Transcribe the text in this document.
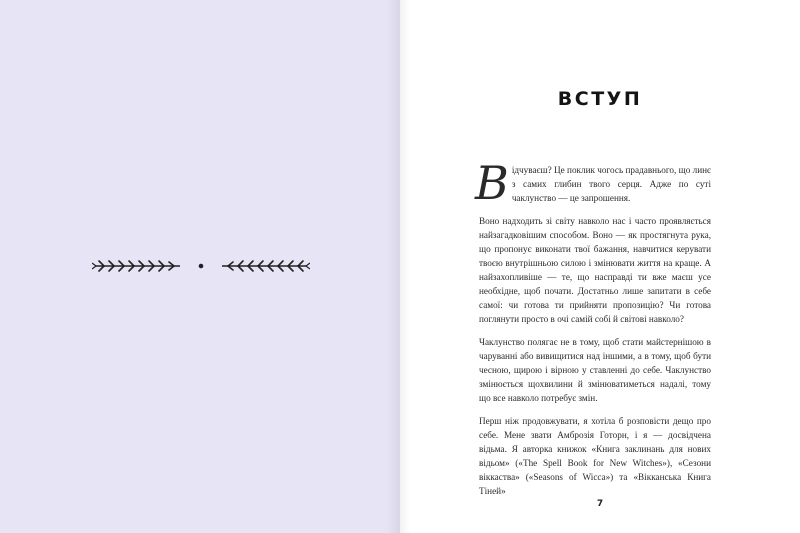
ВСТУП

Відчуваєш? Це поклик чогось прадавнього, що линє з самих глибин твого серця. Адже по суті чаклунство — це запрошення.

Воно надходить зі світу навколо нас і часто проявляється найзагадковішим способом. Воно — як простягнута рука, що пропонує виконати твої бажання, навчитися керувати твоєю внутрішньою силою і змінювати життя на краще. А найзахопливіше — те, що насправді ти вже маєш усе необхідне, щоб почати. Достатньо лише запитати в себе самої: чи готова ти прийняти пропозицію? Чи готова поглянути просто в очі самій собі й світові навколо?

Чаклунство полягає не в тому, щоб стати майстернішою в чаруванні або вивищитися над іншими, а в тому, щоб бути чесною, щирою і вірною у ставленні до себе. Чаклунство змінюється щохвилини й змінюватиметься надалі, тому що все навколо потребує змін.

Перш ніж продовжувати, я хотіла б розповісти дещо про себе. Мене звати Амброзія Готорн, і я — досвідчена відьма. Я авторка книжок «Книга заклинань для нових відьом» («The Spell Book for New Witches»), «Сезони віккаства» («Seasons of Wicca») та «Вікканська Книга Тіней»

7
